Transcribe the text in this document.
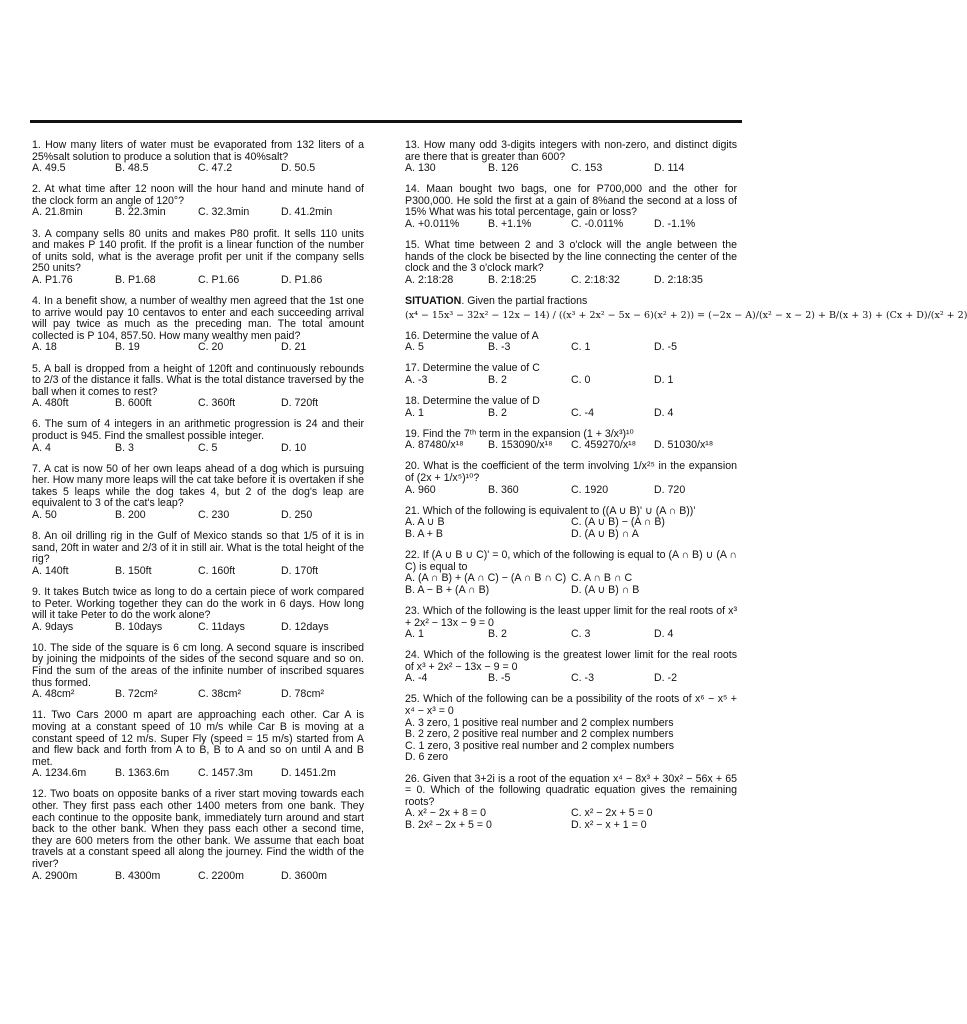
1. How many liters of water must be evaporated from 132 liters of a 25%salt solution to produce a solution that is 40%salt?
A. 49.5	B. 48.5	C. 47.2	D. 50.5
2. At what time after 12 noon will the hour hand and minute hand of the clock form an angle of 120°?
A. 21.8min	B. 22.3min	C. 32.3min	D. 41.2min
3. A company sells 80 units and makes P80 profit. It sells 110 units and makes P 140 profit. If the profit is a linear function of the number of units sold, what is the average profit per unit if the company sells 250 units?
A. P1.76	B. P1.68	C. P1.66	D. P1.86
4. In a benefit show, a number of wealthy men agreed that the 1st one to arrive would pay 10 centavos to enter and each succeeding arrival will pay twice as much as the preceding man. The total amount collected is P 104, 857.50. How many wealthy men paid?
A. 18	B. 19	C. 20	D. 21
5. A ball is dropped from a height of 120ft and continuously rebounds to 2/3 of the distance it falls. What is the total distance traversed by the ball when it comes to rest?
A. 480ft	B. 600ft	C. 360ft	D. 720ft
6. The sum of 4 integers in an arithmetic progression is 24 and their product is 945. Find the smallest possible integer.
A. 4	B. 3	C. 5	D. 10
7. A cat is now 50 of her own leaps ahead of a dog which is pursuing her. How many more leaps will the cat take before it is overtaken if she takes 5 leaps while the dog takes 4, but 2 of the dog's leap are equivalent to 3 of the cat's leap?
A. 50	B. 200	C. 230	D. 250
8. An oil drilling rig in the Gulf of Mexico stands so that 1/5 of it is in sand, 20ft in water and 2/3 of it in still air. What is the total height of the rig?
A. 140ft	B. 150ft	C. 160ft	D. 170ft
9. It takes Butch twice as long to do a certain piece of work compared to Peter. Working together they can do the work in 6 days. How long will it take Peter to do the work alone?
A. 9days	B. 10days	C. 11days	D. 12days
10. The side of the square is 6 cm long. A second square is inscribed by joining the midpoints of the sides of the second square and so on. Find the sum of the areas of the infinite number of inscribed squares thus formed.
A. 48cm²	B. 72cm²	C. 38cm²	D. 78cm²
11. Two Cars 2000 m apart are approaching each other. Car A is moving at a constant speed of 10 m/s while Car B is moving at a constant speed of 12 m/s. Super Fly (speed = 15 m/s) started from A and flew back and forth from A to B, B to A and so on until A and B met.
A. 1234.6m	B. 1363.6m	C. 1457.3m	D. 1451.2m
12. Two boats on opposite banks of a river start moving towards each other. They first pass each other 1400 meters from one bank. They each continue to the opposite bank, immediately turn around and start back to the other bank. When they pass each other a second time, they are 600 meters from the other bank. We assume that each boat travels at a constant speed all along the journey. Find the width of the river?
A. 2900m	B. 4300m	C. 2200m	D. 3600m
13. How many odd 3-digits integers with non-zero, and distinct digits are there that is greater than 600?
A. 130	B. 126	C. 153	D. 114
14. Maan bought two bags, one for P700,000 and the other for P300,000. He sold the first at a gain of 8%and the second at a loss of 15% What was his total percentage, gain or loss?
A. +0.011%	B. +1.1%	C. -0.011%	D. -1.1%
15. What time between 2 and 3 o'clock will the angle between the hands of the clock be bisected by the line connecting the center of the clock and the 3 o'clock mark?
A. 2:18:28	B. 2:18:25	C. 2:18:32	D. 2:18:35
SITUATION. Given the partial fractions
(x⁴ − 15x³ − 32x² − 12x − 14) / ((x³ + 2x² − 5x − 6)(x² + 2)) = (−2x − A)/(x² − x − 2) + B/(x + 3) + (Cx + D)/(x² + 2)
16. Determine the value of A
A. 5	B. -3	C. 1	D. -5
17. Determine the value of C
A. -3	B. 2	C. 0	D. 1
18. Determine the value of D
A. 1	B. 2	C. -4	D. 4
19. Find the 7ᵗʰ term in the expansion (1 + 3/x³)¹⁰
A. 87480/x¹⁸	B. 153090/x¹⁸	C. 459270/x¹⁸	D. 51030/x¹⁸
20. What is the coefficient of the term involving 1/x²⁵ in the expansion of (2x + 1/x⁵)¹⁰?
A. 960	B. 360	C. 1920	D. 720
21. Which of the following is equivalent to ((A ∪ B)' ∪ (A ∩ B))'
A. A ∪ B	C. (A ∪ B) − (A ∩ B)
B. A + B	D. (A ∪ B) ∩ A
22. If (A ∪ B ∪ C)' = 0, which of the following is equal to (A ∩ B) ∪ (A ∩ C) is equal to
A. (A ∩ B) + (A ∩ C) − (A ∩ B ∩ C) C. A ∩ B ∩ C
B. A − B + (A ∩ B)	D. (A ∪ B) ∩ B
23. Which of the following is the least upper limit for the real roots of x³ + 2x² − 13x − 9 = 0
A. 1	B. 2	C. 3	D. 4
24. Which of the following is the greatest lower limit for the real roots of x³ + 2x² − 13x − 9 = 0
A. -4	B. -5	C. -3	D. -2
25. Which of the following can be a possibility of the roots of x⁶ − x⁵ + x⁴ − x³ = 0
A. 3 zero, 1 positive real number and 2 complex numbers
B. 2 zero, 2 positive real number and 2 complex numbers
C. 1 zero, 3 positive real number and 2 complex numbers
D. 6 zero
26. Given that 3+2i is a root of the equation x⁴ − 8x³ + 30x² − 56x + 65 = 0. Which of the following quadratic equation gives the remaining roots?
A. x² − 2x + 8 = 0	C. x² − 2x + 5 = 0
B. 2x² − 2x + 5 = 0	D. x² − x + 1 = 0
